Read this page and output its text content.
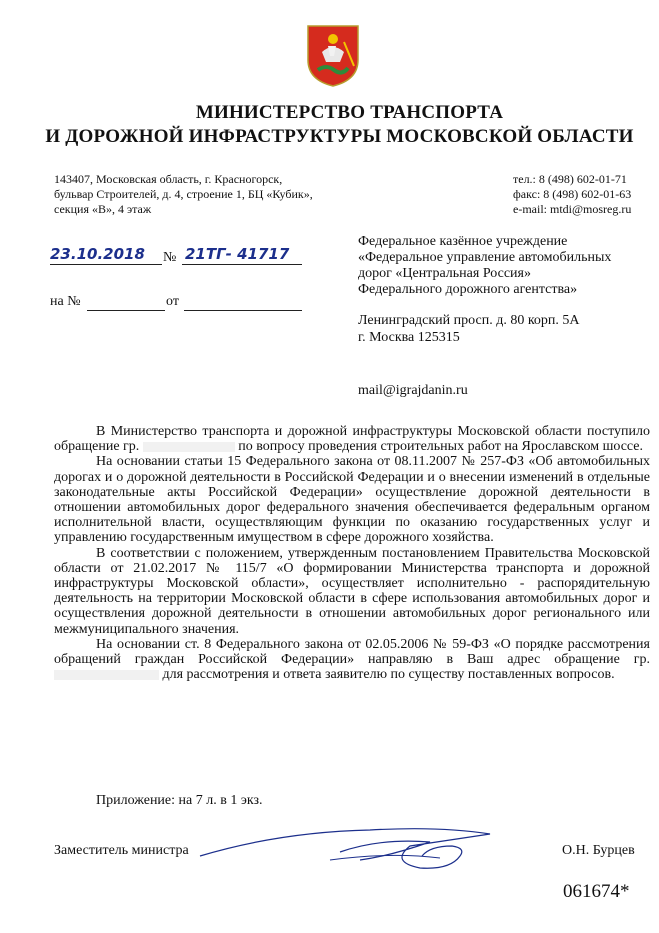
МИНИСТЕРСТВО ТРАНСПОРТА
И ДОРОЖНОЙ ИНФРАСТРУКТУРЫ МОСКОВСКОЙ ОБЛАСТИ
143407, Московская область, г. Красногорск,
бульвар Строителей, д. 4, строение 1, БЦ «Кубик»,
секция «В», 4 этаж
тел.: 8 (498) 602-01-71
факс: 8 (498) 602-01-63
e-mail: mtdi@mosreg.ru
23.10.2018 № 21ТГ- 41717
на №	от
Федеральное казённое учреждение
«Федеральное управление автомобильных
дорог «Центральная Россия»
Федерального дорожного агентства»
Ленинградский просп. д. 80 корп. 5А
г. Москва 125315
mail@igrajdanin.ru

В Министерство транспорта и дорожной инфраструктуры Московской области поступило обращение гр.	по вопросу проведения строительных работ на Ярославском шоссе.

На основании статьи 15 Федерального закона от 08.11.2007 № 257-ФЗ «Об автомобильных дорогах и о дорожной деятельности в Российской Федерации и о внесении изменений в отдельные законодательные акты Российской Федерации» осуществление дорожной деятельности в отношении автомобильных дорог федерального значения обеспечивается федеральным органом исполнительной власти, осуществляющим функции по оказанию государственных услуг и управлению государственным имуществом в сфере дорожного хозяйства.

В соответствии с положением, утвержденным постановлением Правительства Московской области от 21.02.2017 № 115/7 «О формировании Министерства транспорта и дорожной инфраструктуры Московской области», осуществляет исполнительно - распорядительную деятельность на территории Московской области в сфере использования автомобильных дорог и осуществления дорожной деятельности в отношении автомобильных дорог регионального или межмуниципального значения.

На основании ст. 8 Федерального закона от 02.05.2006 № 59-ФЗ «О порядке рассмотрения обращений граждан Российской Федерации» направляю в Ваш адрес обращение гр.  для рассмотрения и ответа заявителю по существу поставленных вопросов.

Приложение: на 7 л. в 1 экз.
Заместитель министра	О.Н. Бурцев
061674*
